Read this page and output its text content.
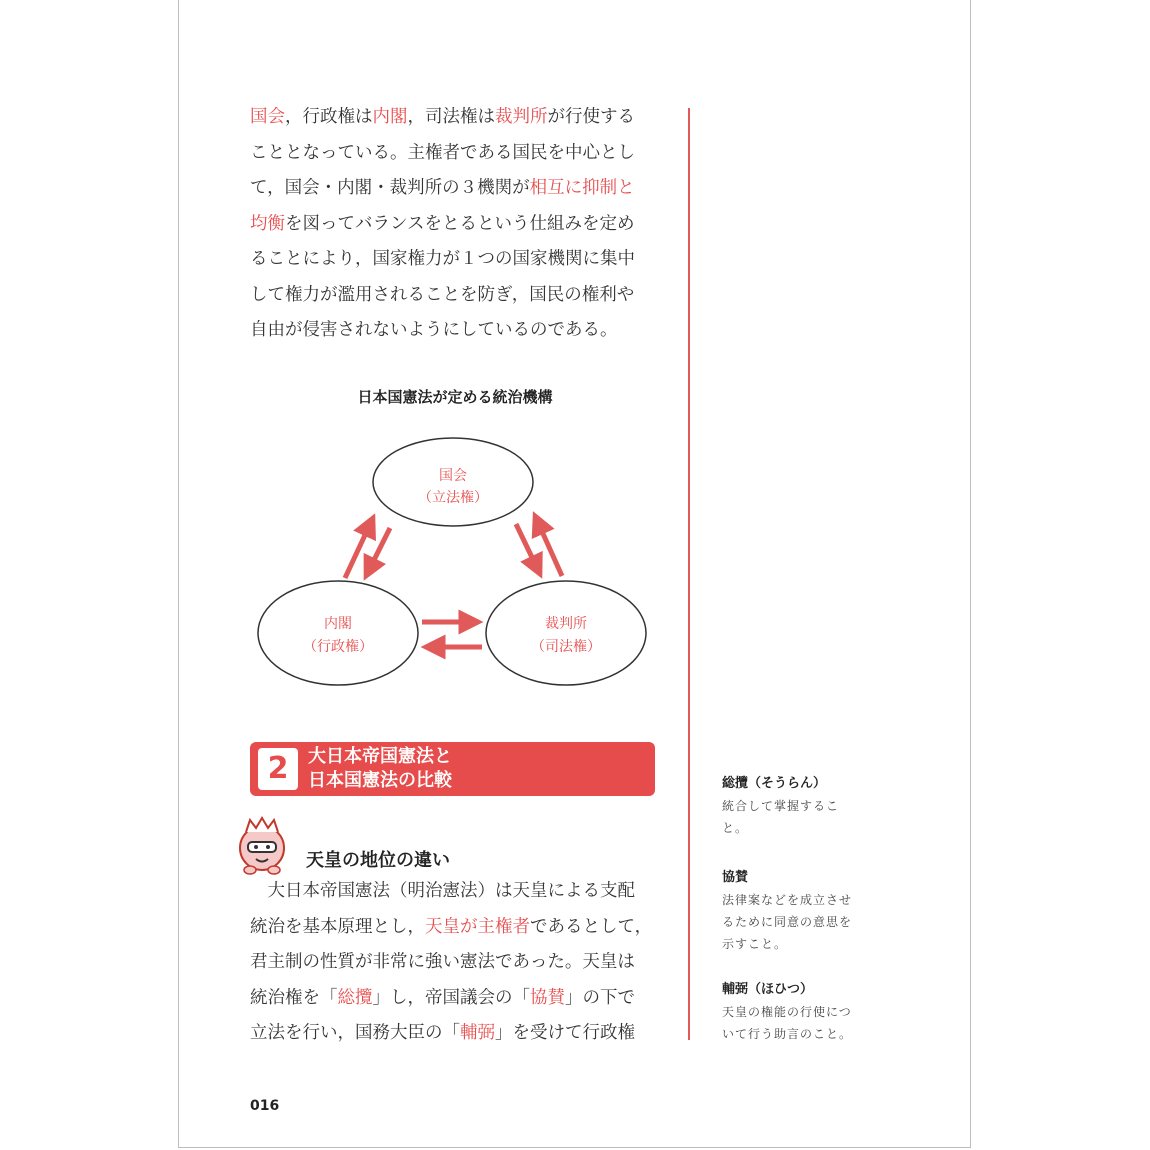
国会，行政権は内閣，司法権は裁判所が行使する
こととなっている。主権者である国民を中心とし
て，国会・内閣・裁判所の３機関が相互に抑制と
均衡を図ってバランスをとるという仕組みを定め
ることにより，国家権力が１つの国家機関に集中
して権力が濫用されることを防ぎ，国民の権利や
自由が侵害されないようにしているのである。
日本国憲法が定める統治機構
国会
（立法権）
内閣
（行政権）
裁判所
（司法権）
2	大日本帝国憲法と
日本国憲法の比較
天皇の地位の違い
　大日本帝国憲法（明治憲法）は天皇による支配
統治を基本原理とし，天皇が主権者であるとして，
君主制の性質が非常に強い憲法であった。天皇は
統治権を「総攬」し，帝国議会の「協賛」の下で
立法を行い，国務大臣の「輔弼」を受けて行政権
総攬（そうらん）
統合して掌握するこ
と。
協賛
法律案などを成立させ
るために同意の意思を
示すこと。
輔弼（ほひつ）
天皇の権能の行使につ
いて行う助言のこと。
016
